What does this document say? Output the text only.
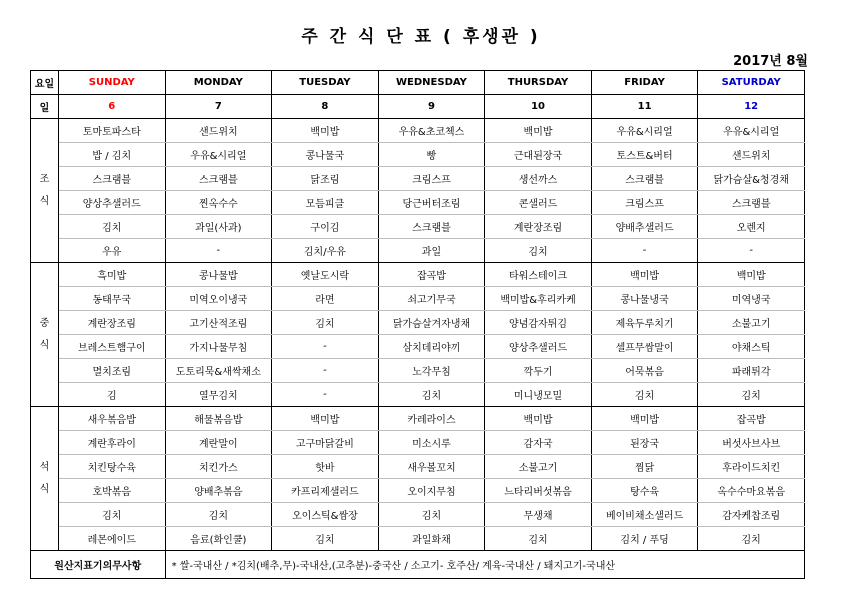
주 간 식 단 표 ( 후생관 )
2017년 8월
요일	SUNDAY	MONDAY	TUESDAY	WEDNESDAY	THURSDAY	FRIDAY	SATURDAY
일	6	7	8	9	10	11	12

조
식	토마토파스타	샌드위치	백미밥	우유&초코첵스	백미밥	우유&시리얼	우유&시리얼
	밥 / 김치	우유&시리얼	콩나물국	빵	근대된장국	토스트&버터	샌드위치
	스크램블	스크램블	닭조림	크림스프	생선까스	스크램블	닭가슴살&청경채
	양상추샐러드	찐옥수수	모듬피클	당근버터조림	콘샐러드	크림스프	스크램블
	김치	과일(사과)	구이김	스크램블	계란장조림	양배추샐러드	오렌지
	우유	-	김치/우유	과일	김치	-	-

중
식	흑미밥	콩나물밥	옛날도시락	잡곡밥	타워스테이크	백미밥	백미밥
	동태무국	미역오이냉국	라면	쇠고기무국	백미밥&후리카케	콩나물냉국	미역냉국
	계란장조림	고기산적조림	김치	닭가슴살겨자냉채	양념감자튀김	제육두루치기	소불고기
	브레스트햄구이	가지나물무침	-	삼치데리야끼	양상추샐러드	셀프무쌈말이	야채스틱
	멸치조림	도토리묵&새싹채소	-	노각무침	깍두기	어묵볶음	파래튀각
	김	열무김치	-	김치	미니냉모밀	김치	김치

석
식	새우볶음밥	해물볶음밥	백미밥	카레라이스	백미밥	백미밥	잡곡밥
	계란후라이	계란말이	고구마닭갈비	미소시루	감자국	된장국	버섯사브사브
	치킨탕수육	치킨가스	핫바	새우볼꼬치	소불고기	찜닭	후라이드치킨
	호박볶음	양배추볶음	카프리제샐러드	오이지무침	느타리버섯볶음	탕수육	옥수수마요볶음
	김치	김치	오이스틱&쌈장	김치	무생채	베이비채소샐러드	감자케찹조림
	레몬에이드	음료(화인쿨)	김치	과일화채	김치	김치 / 푸딩	김치
원산지표기의무사항		* 쌀-국내산 / *김치(배추,무)-국내산,(고추분)-중국산 / 소고기- 호주산/ 계육-국내산 / 돼지고기-국내산					
